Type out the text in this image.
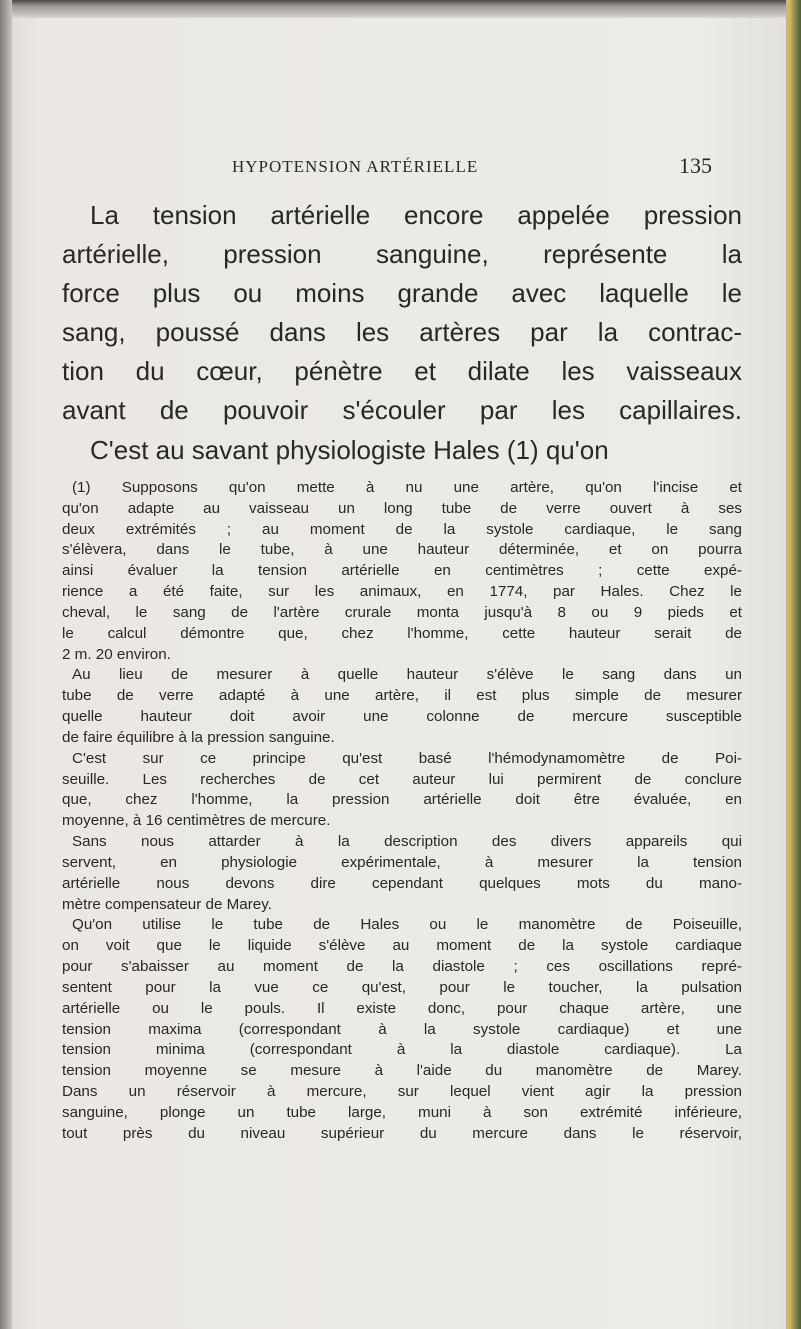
HYPOTENSION ARTÉRIELLE	135
La tension artérielle encore appelée pression
artérielle, pression sanguine, représente la
force plus ou moins grande avec laquelle le
sang, poussé dans les artères par la contrac-
tion du cœur, pénètre et dilate les vaisseaux
avant de pouvoir s'écouler par les capillaires.
C'est au savant physiologiste Hales (1) qu'on
(1) Supposons qu'on mette à nu une artère, qu'on l'incise et
qu'on adapte au vaisseau un long tube de verre ouvert à ses
deux extrémités ; au moment de la systole cardiaque, le sang
s'élèvera, dans le tube, à une hauteur déterminée, et on pourra
ainsi évaluer la tension artérielle en centimètres ; cette expé-
rience a été faite, sur les animaux, en 1774, par Hales. Chez le
cheval, le sang de l'artère crurale monta jusqu'à 8 ou 9 pieds et
le calcul démontre que, chez l'homme, cette hauteur serait de
2 m. 20 environ.
Au lieu de mesurer à quelle hauteur s'élève le sang dans un
tube de verre adapté à une artère, il est plus simple de mesurer
quelle hauteur doit avoir une colonne de mercure susceptible
de faire équilibre à la pression sanguine.
C'est sur ce principe qu'est basé l'hémodynamomètre de Poi-
seuille. Les recherches de cet auteur lui permirent de conclure
que, chez l'homme, la pression artérielle doit être évaluée, en
moyenne, à 16 centimètres de mercure.
Sans nous attarder à la description des divers appareils qui
servent, en physiologie expérimentale, à mesurer la tension
artérielle nous devons dire cependant quelques mots du mano-
mètre compensateur de Marey.
Qu'on utilise le tube de Hales ou le manomètre de Poiseuille,
on voit que le liquide s'élève au moment de la systole cardiaque
pour s'abaisser au moment de la diastole ; ces oscillations repré-
sentent pour la vue ce qu'est, pour le toucher, la pulsation
artérielle ou le pouls. Il existe donc, pour chaque artère, une
tension maxima (correspondant à la systole cardiaque) et une
tension minima (correspondant à la diastole cardiaque). La
tension moyenne se mesure à l'aide du manomètre de Marey.
Dans un réservoir à mercure, sur lequel vient agir la pression
sanguine, plonge un tube large, muni à son extrémité inférieure,
tout près du niveau supérieur du mercure dans le réservoir,
